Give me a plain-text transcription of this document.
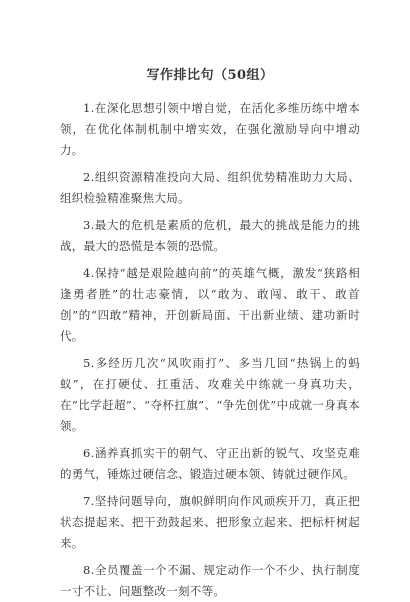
写作排比句（50组）

1.在深化思想引领中增自觉，在活化多维历练中增本领，在优化体制机制中增实效，在强化激励导向中增动力。

2.组织资源精准投向大局、组织优势精准助力大局、组织检验精准聚焦大局。

3.最大的危机是素质的危机，最大的挑战是能力的挑战，最大的恐慌是本领的恐慌。

4.保持“越是艰险越向前”的英雄气概，激发“狭路相逢勇者胜”的壮志豪情，以“敢为、敢闯、敢干、敢首创”的“四敢”精神，开创新局面、干出新业绩、建功新时代。

5.多经历几次“风吹雨打”、多当几回“热锅上的蚂蚁”，在打硬仗、扛重活、攻难关中练就一身真功夫，在“比学赶超”、“夺杯扛旗”、“争先创优”中成就一身真本领。

6.涵养真抓实干的朝气、守正出新的锐气、攻坚克难的勇气，锤炼过硬信念、锻造过硬本领、铸就过硬作风。

7.坚持问题导向，旗帜鲜明向作风顽疾开刀，真正把状态提起来、把干劲鼓起来、把形象立起来、把标杆树起来。

8.全员覆盖一个不漏、规定动作一个不少、执行制度一寸不让、问题整改一刻不等。
